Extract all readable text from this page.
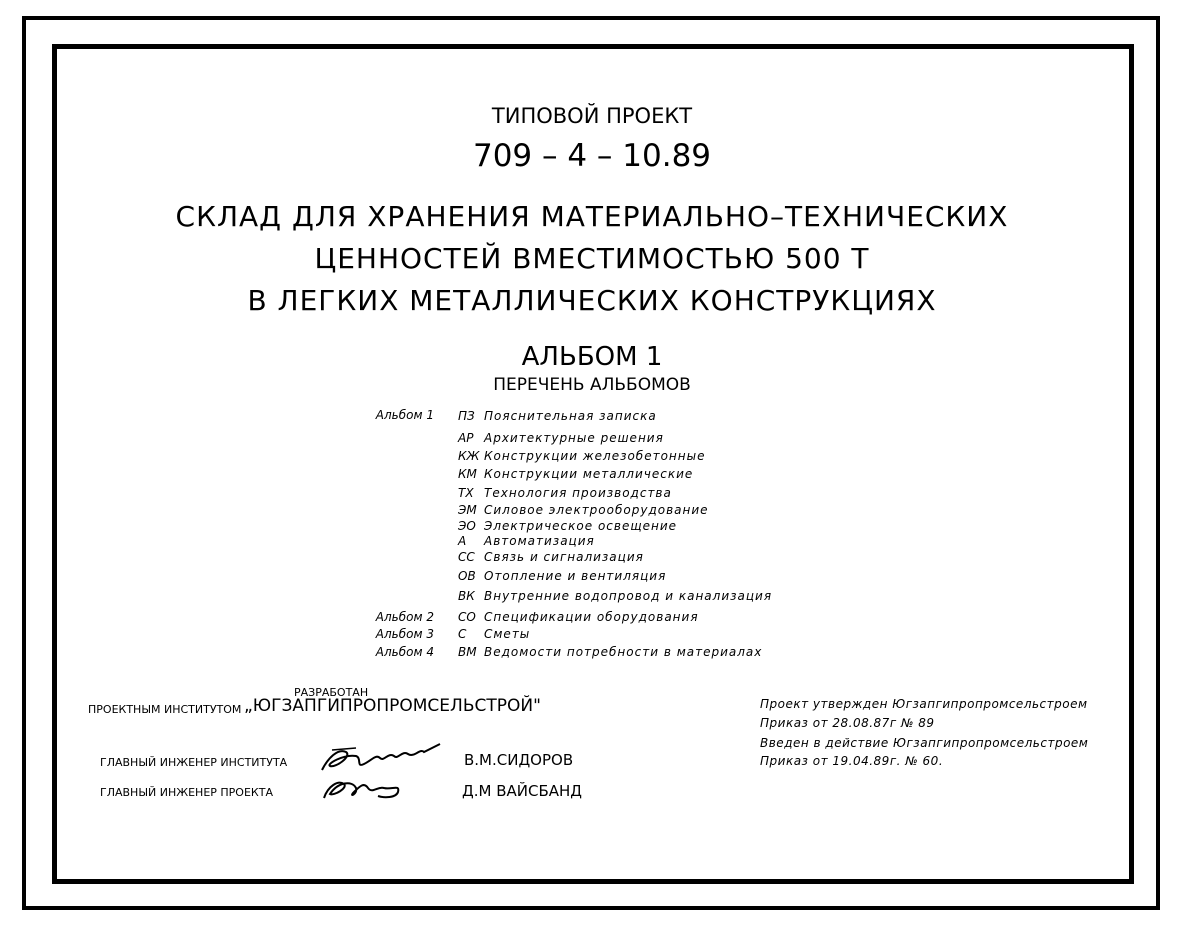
ТИПОВОЙ ПРОЕКТ
709 – 4 – 10.89
СКЛАД ДЛЯ ХРАНЕНИЯ МАТЕРИАЛЬНО–ТЕХНИЧЕСКИХ
ЦЕННОСТЕЙ ВМЕСТИМОСТЬЮ 500 Т
В ЛЕГКИХ МЕТАЛЛИЧЕСКИХ КОНСТРУКЦИЯХ
АЛЬБОМ 1
ПЕРЕЧЕНЬ АЛЬБОМОВ
Альбом 1
Альбом 2
Альбом 3
Альбом 4
ПЗ Пояснительная записка
АР Архитектурные решения
КЖ Конструкции железобетонные
КМ Конструкции металлические
ТХ Технология производства
ЭМ Силовое электрооборудование
ЭО Электрическое освещение
А	Автоматизация
СС Связь и сигнализация
ОВ Отопление и вентиляция
ВК Внутренние водопровод и канализация
СО Спецификации оборудования
С	Сметы
ВМ Ведомости потребности в материалах
РАЗРАБОТАН
ПРОЕКТНЫМ ИНСТИТУТОМ „ЮГЗАПГИПРОПРОМСЕЛЬСТРОЙ"
ГЛАВНЫЙ ИНЖЕНЕР ИНСТИТУТА
ГЛАВНЫЙ ИНЖЕНЕР ПРОЕКТА
В.М.СИДОРОВ
Д.М ВАЙСБАНД
Проект утвержден Югзапгипропромсельстроем
Приказ от 28.08.87г № 89
Введен в действие Югзапгипропромсельстроем
Приказ от 19.04.89г. № 60.
